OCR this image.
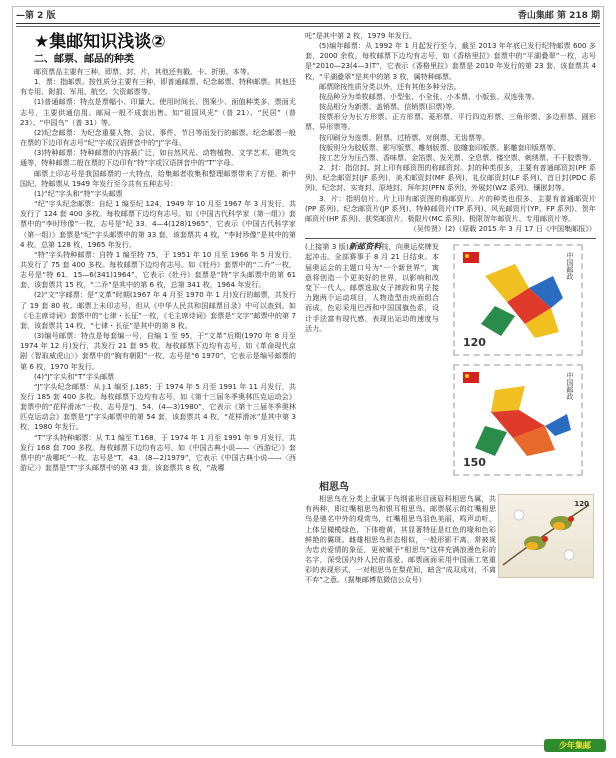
—第 2 版	香山集邮 第 218 期

★集邮知识浅谈②

二、邮票、邮品的种类

邮资票品主要有三种，即票、封、片，其他还有戳、卡、折册、本等。

1．票：指邮票。按性质分主要有三种，即普通邮票、纪念邮票、特种邮票。其他还有专用、附捐、军用、航空、欠资邮票等。

(1)普通邮票：特点是票幅小、印量大、使用时间长、图案少、面值种类多、票面无志号，主要供通信用。邮局一般不成套出售。如“祖国风光”（普 21）、“民居”（普 23）、“中国鸟”（普 31）等。

(2)纪念邮票：为纪念重要人物、会议、事件、节日等而发行的邮票。纪念邮票一般在票的下边印有志号“纪”字或汉语拼音中的“J”字母。

(3)特种邮票：特种邮票的内容最广泛，如自然风光、动物植物、文学艺术、建筑交通等，特种邮票二般在票的下边印有“特”字或汉语拼音中的“T”字母。

邮票上印志号是我国邮票的一大特点，给集邮者收集和整理邮票带来了方便。新中国纪、特邮票从 1949 年发行至今共有五种志号：

(1)“纪”字头和“特”字头邮票

“纪”字头纪念邮票：自纪 1 编至纪 124，1949 年 10 月至 1967 年 3 月发行，共发行了 124 套 400 多枚。每枚邮票下边均有志号。如《中国古代科学家（第一组）》套票中的“李时珍像”一枚，志号是“纪 33．4—4(128)1965”，它表示《中国古代科学家（第一组）》套票是“纪”字头邮票中的第 33 套，该套票共 4 枚，“李时珍像”是其中的第 4 枚，总第 128 枚，1965 年发行。

“特”字头特种邮票：自特 1 编至特 75，于 1951 年 10 月至 1966 年 5 月发行，共发行了 75 套 400 多枚。每枚邮票下边均有志号。如《牡丹》套票中的“二乔”一枚，志号是“特 61．15—6(341)1964”，它表示《牡丹》套票是“特”字头邮票中的第 61 套，该套票共 15 枚，“二乔”是其中的第 6 枚，总第 341 枚，1964 年发行。

(2)“文”字邮票：是“文革”时期(1967 年 4 月至 1970 年 1 月)发行的邮票，共发行了 19 套 80 枚。邮票上未印志号，但从《中华人民共和国邮票目录》中可以查到。如《毛主席诗词》套票中的“七律・长征”一枚，《毛主席诗词》套票是“文字”邮票中的第 7 套，该套票共 14 枚，“七律・长征”是其中的第 8 枚。

(3)编号邮票：特点是每套编一号，自编 1 至 95，于“文革”后期(1970 年 8 月至 1974 年 12 月)发行，共发行 21 套 95 枚，每枚邮票下边均有志号，如《革命现代京剧〈智取威虎山〉》套票中的“胸有朝阳”一枚，志号是“6 1970”，它表示是编号邮票的第 6 枚，1970 年发行。

(4)“J”字头和“T”字头邮票

“J”字头纪念邮票：从 J.1 编至 J.185；于 1974 年 5 月至 1991 年 11 月发行，共发行 185 套 400 多枚。每枚邮票下边均有志号，如《第十三届冬季奥林匹克运动会》套票中的“花样滑冰”一枚，志号是“J．54．(4—3)1980”，它表示《第十三届冬季奥林匹克运动会》套票是“J”字头邮票中的第 54 套，该套票共 4 枚，“花样滑冰”是其中第 3 枚，1980 年发行。

“T”字头特种邮票：从 T.1 编至 T.168，于 1974 年 1 月至 1991 年 9 月发行，共发行 168 套 700 多枚。每枚邮票下边均有志号，如《中国古典小说——〈西游记〉》套票中的“战哪吒”一枚，志号是“T．43．(8—2)1979”，它表示《中国古典小说——〈西游记〉》套票是“T”字头邮票中的第 43 套，该套票共 8 枚，“战哪

吒”是其中第 2 枚，1979 年发行。

(5)编年邮票：从 1992 年 1 月起发行至今，截至 2013 年年底已发行纪特邮票 600 多套，2000 余枚。每枚邮票下边均有志号，如《香格里拉》套票中的“平湖叠翠”一枚，志号是“2010—23(4—3)T”，它表示《香格里拉》套票是 2010 年发行的第 23 套，该套票共 4 枚，“平湖叠翠”是其中的第 3 枚，属特种邮票。

邮票除按性质分类以外，还有其他多种分法。

按品种分为单枚邮票、小型张、小全张、小本票、小版张、双连张等。

按品相分为新票、盖销票、信销票(旧票)等。

按票形分为长方形票、正方形票、菱形票、平行四边形票、三角形票、多边形票、圆形票、异形票等。

按印刷分为连票、附票、过桥票、对倒票、无齿票等。

按版别分为胶版票、影写版票、雕刻版票、胶雕套印版票、影雕套印版票等。

按工艺分为压凸票、香味票、金箔票、发光票、全息票、镂空票、刺绣票、不干胶票等。

2．封：指信封。封上印有邮资图的称邮资封。封的种类很多，主要有普通邮资封(PF 系列)、纪念邮资封(JF 系列)、美术邮资封(MF 系列)、礼仪邮资封(LF 系列)、首日封(PDC 系列)、纪念封、实寄封、原地封、拜年封(PFN 系列)、外展封(WZ 系列)、镶嵌封等。

3．片：指明信片。片上印有邮资图的称邮资片。片的种类也很多，主要有普通邮资片(PP 系列)、纪念邮资片(JP 系列)、特种邮资片(TP 系列)、风光邮资片(YP、FP 系列)、贺年邮资片(HP 系列)、获奖邮资片、极限片(MC 系列)、极限贺年邮资片、专用邮资片等。

（吴传贤）(2)（原载 2015 年 3 月 17 日《中国集邮报》）

(上接第 3 版)新邮资料技，向奥运奖牌发起冲击。全部赛事于 8 月 21 日结束。本届奥运会的主题口号为“一个新世界”，寓意将创造一个更美好的世界，以影响和改变下一代人。邮票选取女子摔跤和男子接力跑两个运动项目，人物造型由块面组合而成，色彩采用巴西和中国国旗色系，设计手法富有现代感，表现出运动的速度与活力。
中国邮政
120
中国邮政
150

相思鸟

相思鸟在分类上隶属于鸟纲雀形目画眉科相思鸟属，共有两种，即红嘴相思鸟和银耳相思鸟。邮票展示的红嘴相思鸟是驰名中外的观赏鸟，红嘴相思鸟羽色美丽，鸣声动听，上体呈橄榄绿色，下体橙黄，其显著特征是红色的喙和色彩鲜艳的翼斑。雌雄相思鸟形态相似，一般形影不离，常被视为忠贞爱情的象征，更被赋予“相思鸟”这样充满浪漫色彩的名字，深受国内外人民的喜爱。邮票画面采用中国画工笔重彩的表现形式，一对相思鸟在梨花间，暗含“成双成对，不离不弃”之意。（据集邮博览微信公众号）

120
少年集邮
